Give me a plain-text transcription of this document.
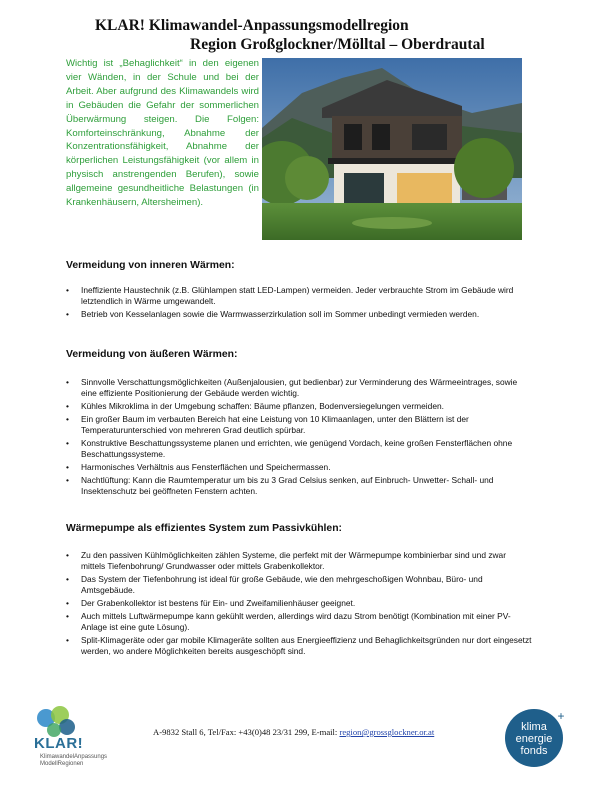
KLAR! Klimawandel-Anpassungsmodellregion
Region Großglockner/Mölltal – Oberdrautal
Wichtig ist „Behaglichkeit“ in den eigenen vier Wänden, in der Schule und bei der Arbeit. Aber aufgrund des Klimawandels wird in Gebäuden die Gefahr der sommerlichen Überwärmung steigen. Die Folgen: Komforteinschränkung, Abnahme der Konzentrationsfähigkeit, Abnahme der körperlichen Leistungsfähigkeit (vor allem in physisch anstrengenden Berufen), sowie allgemeine gesundheitliche Belastungen (in Krankenhäusern, Altersheimen).
Vermeidung von inneren Wärmen:
• Ineffiziente Haustechnik (z.B. Glühlampen statt LED-Lampen) vermeiden. Jeder verbrauchte Strom im Gebäude wird letztendlich in Wärme umgewandelt.
• Betrieb von Kesselanlagen sowie die Warmwasserzirkulation soll im Sommer unbedingt vermieden werden.
Vermeidung von äußeren Wärmen:
• Sinnvolle Verschattungsmöglichkeiten (Außenjalousien, gut bedienbar) zur Verminderung des Wärmeeintrages, sowie eine effiziente Positionierung der Gebäude werden wichtig.
• Kühles Mikroklima in der Umgebung schaffen: Bäume pflanzen, Bodenversiegelungen vermeiden.
• Ein großer Baum im verbauten Bereich hat eine Leistung von 10 Klimaanlagen, unter den Blättern ist der Temperaturunterschied von mehreren Grad deutlich spürbar.
• Konstruktive Beschattungssysteme planen und errichten, wie genügend Vordach, keine großen Fensterflächen ohne Beschattungssysteme.
• Harmonisches Verhältnis aus Fensterflächen und Speichermassen.
• Nachtlüftung: Kann die Raumtemperatur um bis zu 3 Grad Celsius senken, auf Einbruch- Unwetter- Schall- und Insektenschutz bei geöffneten Fenstern achten.
Wärmepumpe als effizientes System zum Passivkühlen:
• Zu den passiven Kühlmöglichkeiten zählen Systeme, die perfekt mit der Wärmepumpe kombinierbar sind und zwar mittels Tiefenbohrung/ Grundwasser oder mittels Grabenkollektor.
• Das System der Tiefenbohrung ist ideal für große Gebäude, wie den mehrgeschoßigen Wohnbau, Büro- und Amtsgebäude.
• Der Grabenkollektor ist bestens für Ein- und Zweifamilienhäuser geeignet.
• Auch mittels Luftwärmepumpe kann gekühlt werden, allerdings wird dazu Strom benötigt (Kombination mit einer PV-Anlage ist eine gute Lösung).
• Split-Klimageräte oder gar mobile Klimageräte sollten aus Energieeffizienz und Behaglichkeitsgründen nur dort eingesetzt werden, wo andere Möglichkeiten bereits ausgeschöpft sind.
KLAR!
KlimawandelAnpassungs
ModellRegionen
A-9832 Stall 6, Tel/Fax: +43(0)48 23/31 299, E-mail: region@grossglockner.or.at	klima
energie
fonds
+
